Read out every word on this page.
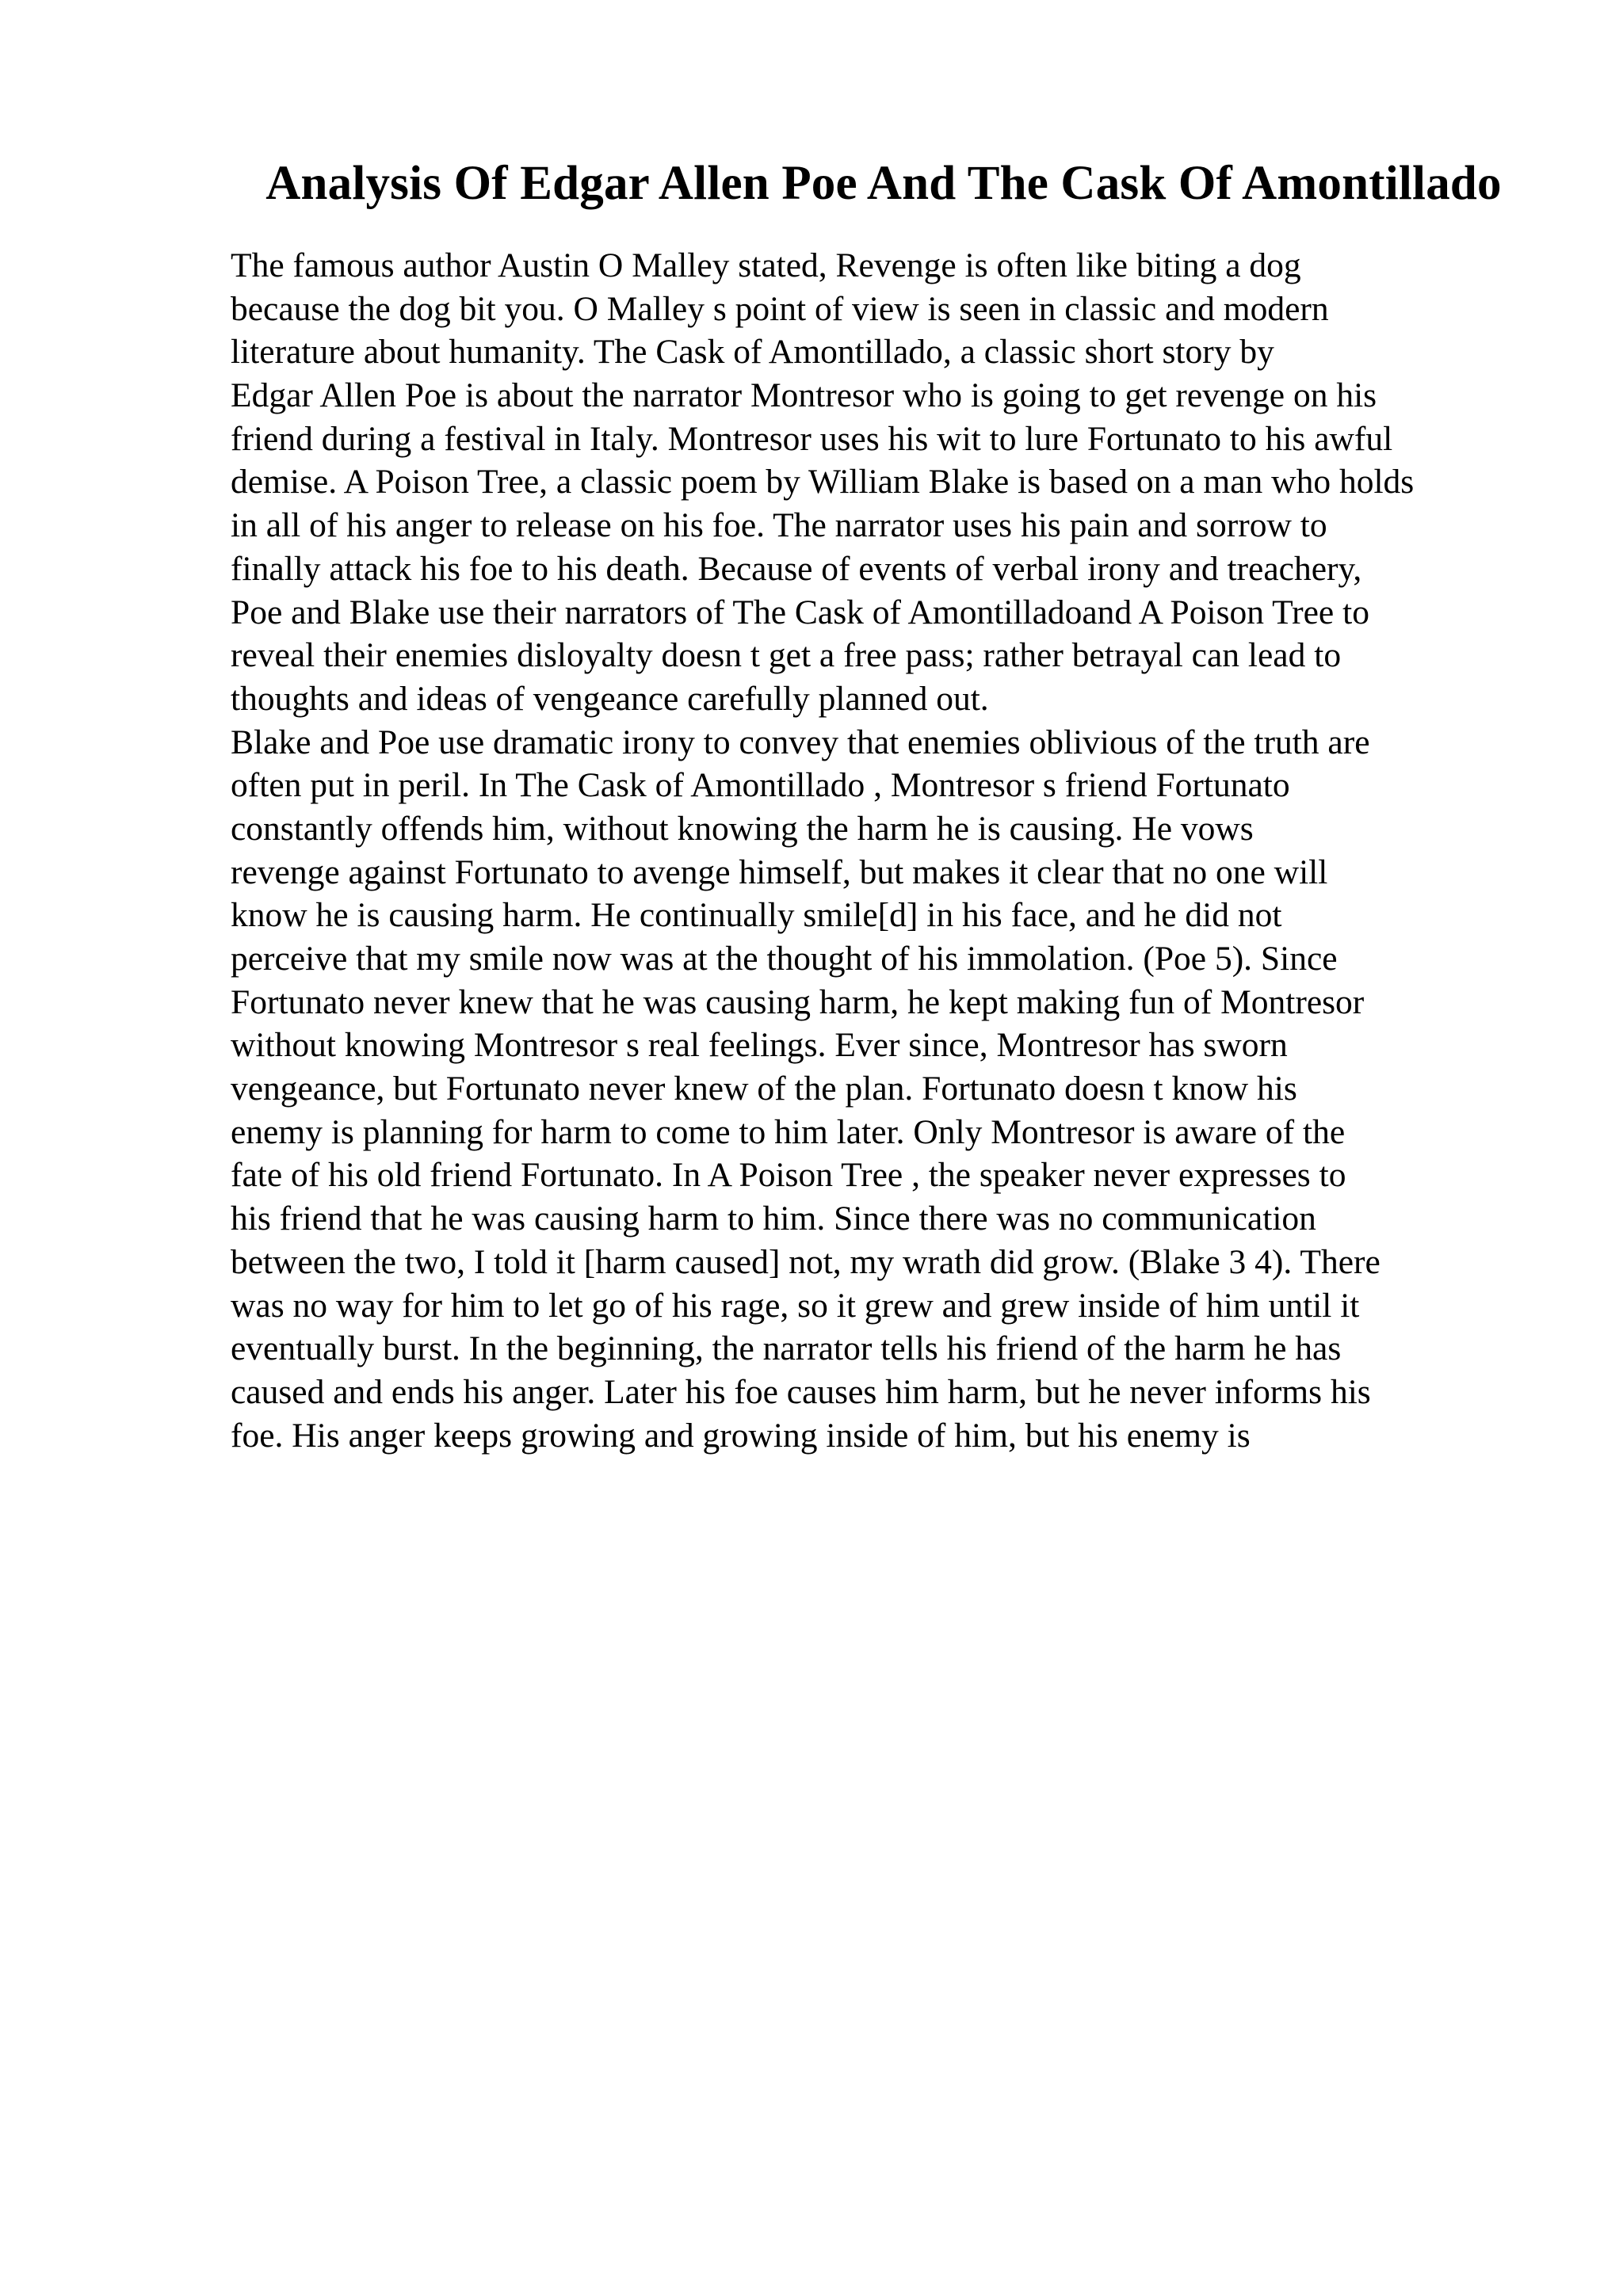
Analysis Of Edgar Allen Poe And The Cask Of Amontillado
The famous author Austin O Malley stated, Revenge is often like biting a dog
because the dog bit you. O Malley s point of view is seen in classic and modern
literature about humanity. The Cask of Amontillado, a classic short story by
Edgar Allen Poe is about the narrator Montresor who is going to get revenge on his
friend during a festival in Italy. Montresor uses his wit to lure Fortunato to his awful
demise. A Poison Tree, a classic poem by William Blake is based on a man who holds
in all of his anger to release on his foe. The narrator uses his pain and sorrow to
finally attack his foe to his death. Because of events of verbal irony and treachery,
Poe and Blake use their narrators of The Cask of Amontilladoand A Poison Tree to
reveal their enemies disloyalty doesn t get a free pass; rather betrayal can lead to
thoughts and ideas of vengeance carefully planned out.
Blake and Poe use dramatic irony to convey that enemies oblivious of the truth are
often put in peril. In The Cask of Amontillado , Montresor s friend Fortunato
constantly offends him, without knowing the harm he is causing. He vows
revenge against Fortunato to avenge himself, but makes it clear that no one will
know he is causing harm. He continually smile[d] in his face, and he did not
perceive that my smile now was at the thought of his immolation. (Poe 5). Since
Fortunato never knew that he was causing harm, he kept making fun of Montresor
without knowing Montresor s real feelings. Ever since, Montresor has sworn
vengeance, but Fortunato never knew of the plan. Fortunato doesn t know his
enemy is planning for harm to come to him later. Only Montresor is aware of the
fate of his old friend Fortunato. In A Poison Tree , the speaker never expresses to
his friend that he was causing harm to him. Since there was no communication
between the two, I told it [harm caused] not, my wrath did grow. (Blake 3 4). There
was no way for him to let go of his rage, so it grew and grew inside of him until it
eventually burst. In the beginning, the narrator tells his friend of the harm he has
caused and ends his anger. Later his foe causes him harm, but he never informs his
foe. His anger keeps growing and growing inside of him, but his enemy is
